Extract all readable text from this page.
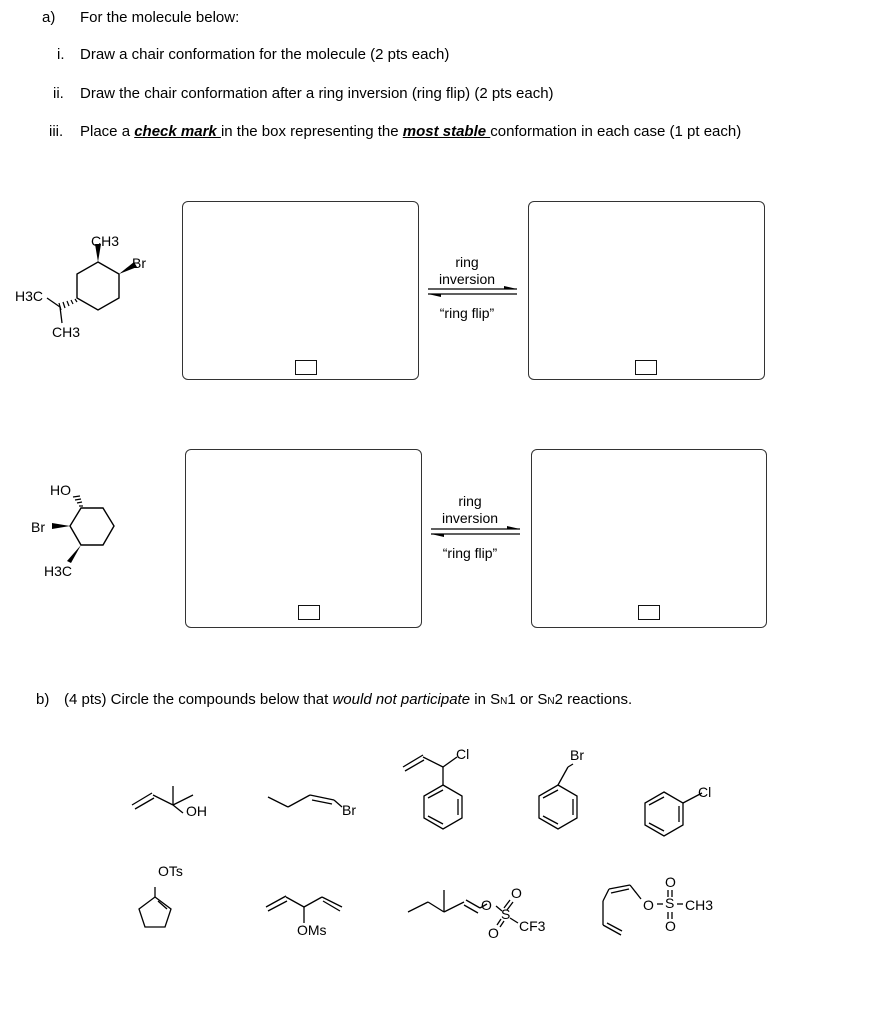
a) For the molecule below:
i. Draw a chair conformation for the molecule (2 pts each)
ii. Draw the chair conformation after a ring inversion (ring flip) (2 pts each)
iii. Place a check mark in the box representing the most stable conformation in each case (1 pt each)
ring
inversion
“ring flip”
ring
inversion
“ring flip”
CH3
Br
H3C
CH3
HO
Br
H3C
b) (4 pts) Circle the compounds below that would not participate in SN1 or SN2 reactions.
OH	Br
Cl	Br
Cl
OTs
OMs
O
S
O
O CF3
O S
O
O
CH3
